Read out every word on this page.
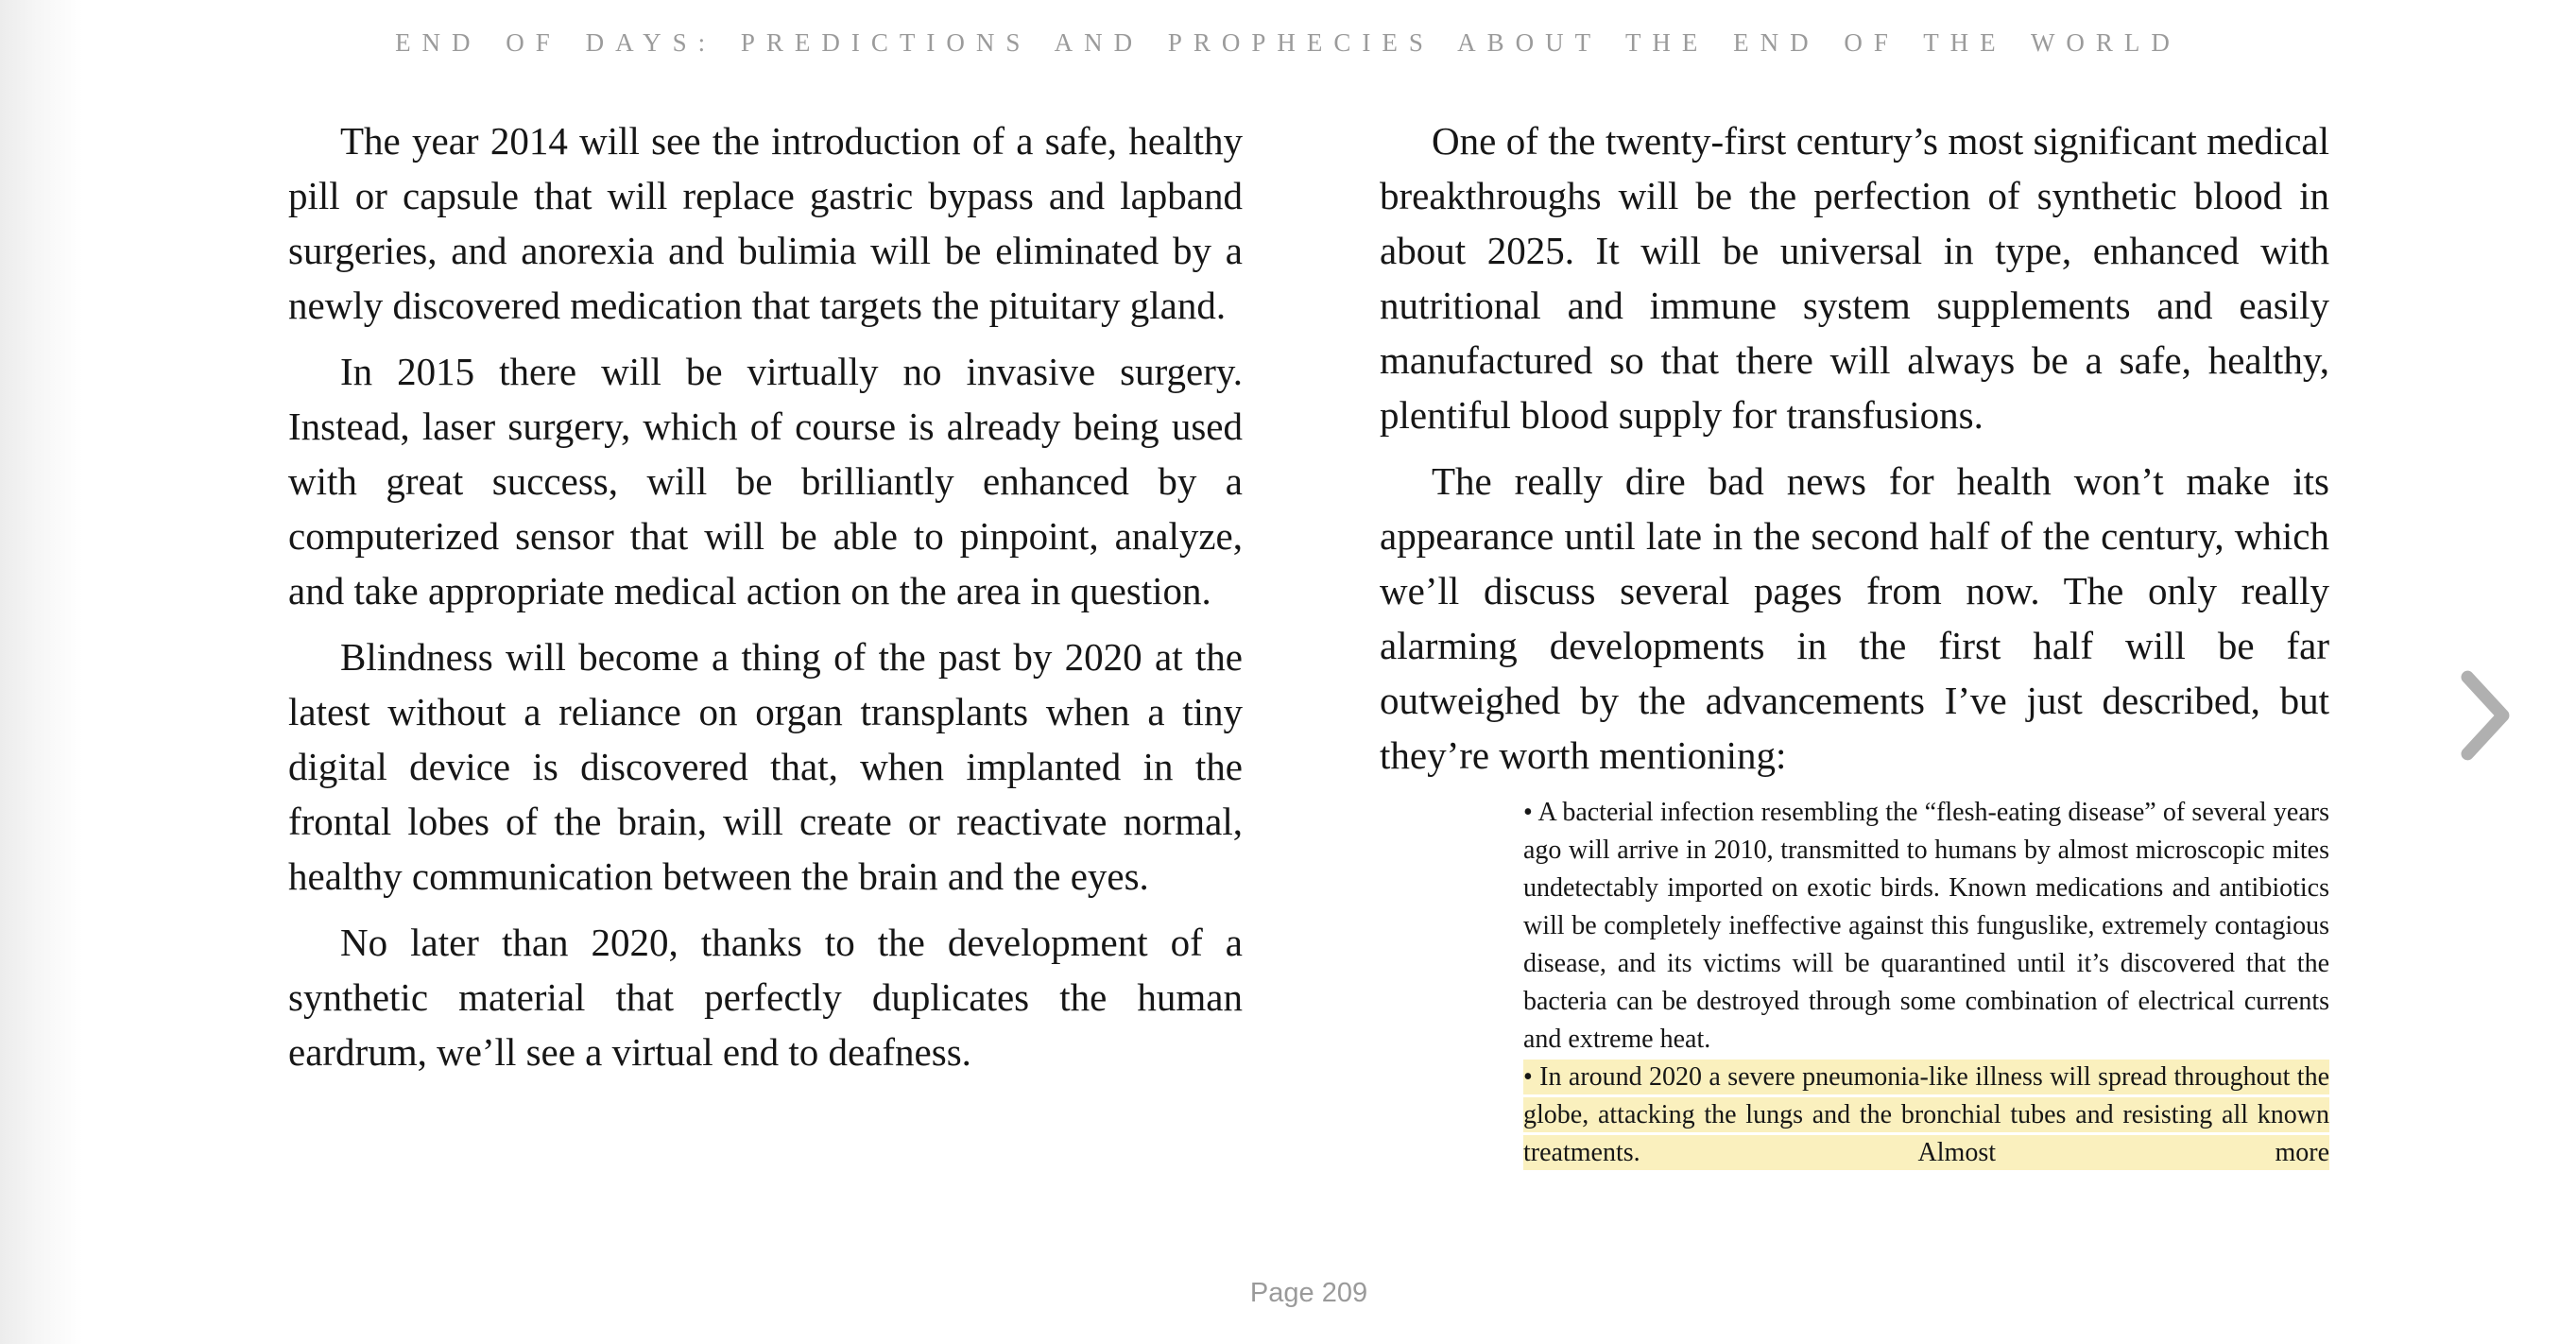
END OF DAYS: PREDICTIONS AND PROPHECIES ABOUT THE END OF THE WORLD

The year 2014 will see the introduction of a safe, healthy pill or capsule that will replace gastric bypass and lapband surgeries, and anorexia and bulimia will be eliminated by a newly discovered medication that targets the pituitary gland.

In 2015 there will be virtually no invasive surgery. Instead, laser surgery, which of course is already being used with great success, will be brilliantly enhanced by a computerized sensor that will be able to pinpoint, analyze, and take appropriate medical action on the area in question.

Blindness will become a thing of the past by 2020 at the latest without a reliance on organ transplants when a tiny digital device is discovered that, when implanted in the frontal lobes of the brain, will create or reactivate normal, healthy communication between the brain and the eyes.

No later than 2020, thanks to the development of a synthetic material that perfectly duplicates the human eardrum, we’ll see a virtual end to deafness.

One of the twenty-first century’s most significant medical breakthroughs will be the perfection of synthetic blood in about 2025. It will be universal in type, enhanced with nutritional and immune system supplements and easily manufactured so that there will always be a safe, healthy, plentiful blood supply for transfusions.

The really dire bad news for health won’t make its appearance until late in the second half of the century, which we’ll discuss several pages from now. The only really alarming developments in the first half will be far outweighed by the advancements I’ve just described, but they’re worth mentioning:

• A bacterial infection resembling the “flesh-eating disease” of several years ago will arrive in 2010, transmitted to humans by almost microscopic mites undetectably imported on exotic birds. Known medications and antibiotics will be completely ineffective against this funguslike, extremely contagious disease, and its victims will be quarantined until it’s discovered that the bacteria can be destroyed through some combination of electrical currents and extreme heat.

• In around 2020 a severe pneumonia-like illness will spread throughout the globe, attacking the lungs and the bronchial tubes and resisting all known treatments. Almost more

Page 209
